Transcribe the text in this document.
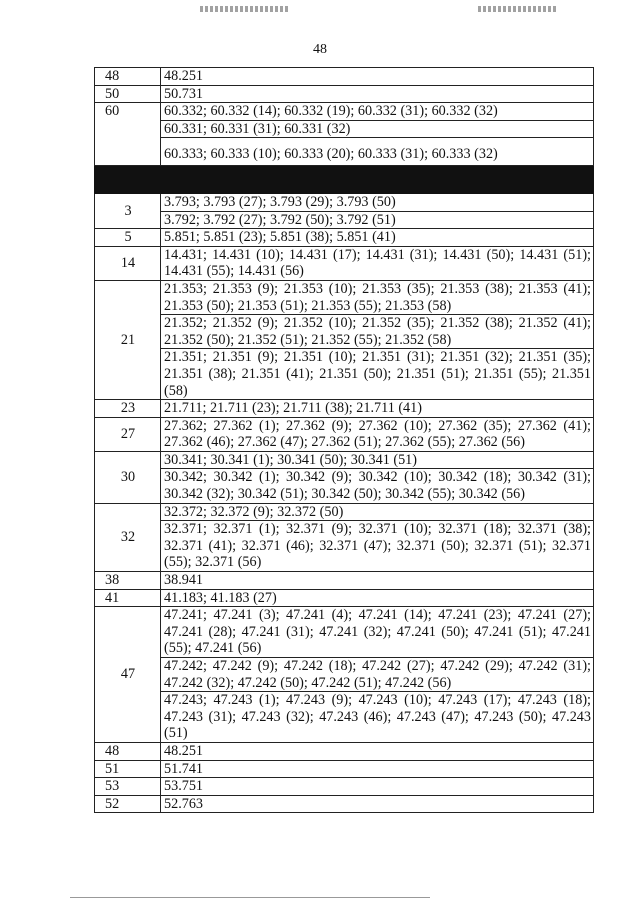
48
48	48.251
50	50.731
60	60.332; 60.332 (14); 60.332 (19); 60.332 (31); 60.332 (32)
	60.331; 60.331 (31); 60.331 (32)
	60.333; 60.333 (10); 60.333 (20); 60.333 (31); 60.333 (32)

3	3.793; 3.793 (27); 3.793 (29); 3.793 (50)
	3.792; 3.792 (27); 3.792 (50); 3.792 (51)
5	5.851; 5.851 (23); 5.851 (38); 5.851 (41)
14	14.431; 14.431 (10); 14.431 (17); 14.431 (31); 14.431 (50); 14.431 (51); 14.431 (55); 14.431 (56)
21	21.353; 21.353 (9); 21.353 (10); 21.353 (35); 21.353 (38); 21.353 (41); 21.353 (50); 21.353 (51); 21.353 (55); 21.353 (58)
	21.352; 21.352 (9); 21.352 (10); 21.352 (35); 21.352 (38); 21.352 (41); 21.352 (50); 21.352 (51); 21.352 (55); 21.352 (58)
	21.351; 21.351 (9); 21.351 (10); 21.351 (31); 21.351 (32); 21.351 (35); 21.351 (38); 21.351 (41); 21.351 (50); 21.351 (51); 21.351 (55); 21.351 (58)
23	21.711; 21.711 (23); 21.711 (38); 21.711 (41)
27	27.362; 27.362 (1); 27.362 (9); 27.362 (10); 27.362 (35); 27.362 (41); 27.362 (46); 27.362 (47); 27.362 (51); 27.362 (55); 27.362 (56)
30	30.341; 30.341 (1); 30.341 (50); 30.341 (51)
	30.342; 30.342 (1); 30.342 (9); 30.342 (10); 30.342 (18); 30.342 (31); 30.342 (32); 30.342 (51); 30.342 (50); 30.342 (55); 30.342 (56)
32	32.372; 32.372 (9); 32.372 (50)
	32.371; 32.371 (1); 32.371 (9); 32.371 (10); 32.371 (18); 32.371 (38); 32.371 (41); 32.371 (46); 32.371 (47); 32.371 (50); 32.371 (51); 32.371 (55); 32.371 (56)
38	38.941
41	41.183; 41.183 (27)
47	47.241; 47.241 (3); 47.241 (4); 47.241 (14); 47.241 (23); 47.241 (27); 47.241 (28); 47.241 (31); 47.241 (32); 47.241 (50); 47.241 (51); 47.241 (55); 47.241 (56)
	47.242; 47.242 (9); 47.242 (18); 47.242 (27); 47.242 (29); 47.242 (31); 47.242 (32); 47.242 (50); 47.242 (51); 47.242 (56)
	47.243; 47.243 (1); 47.243 (9); 47.243 (10); 47.243 (17); 47.243 (18); 47.243 (31); 47.243 (32); 47.243 (46); 47.243 (47); 47.243 (50); 47.243 (51)
48	48.251
51	51.741
53	53.751
52	52.763
